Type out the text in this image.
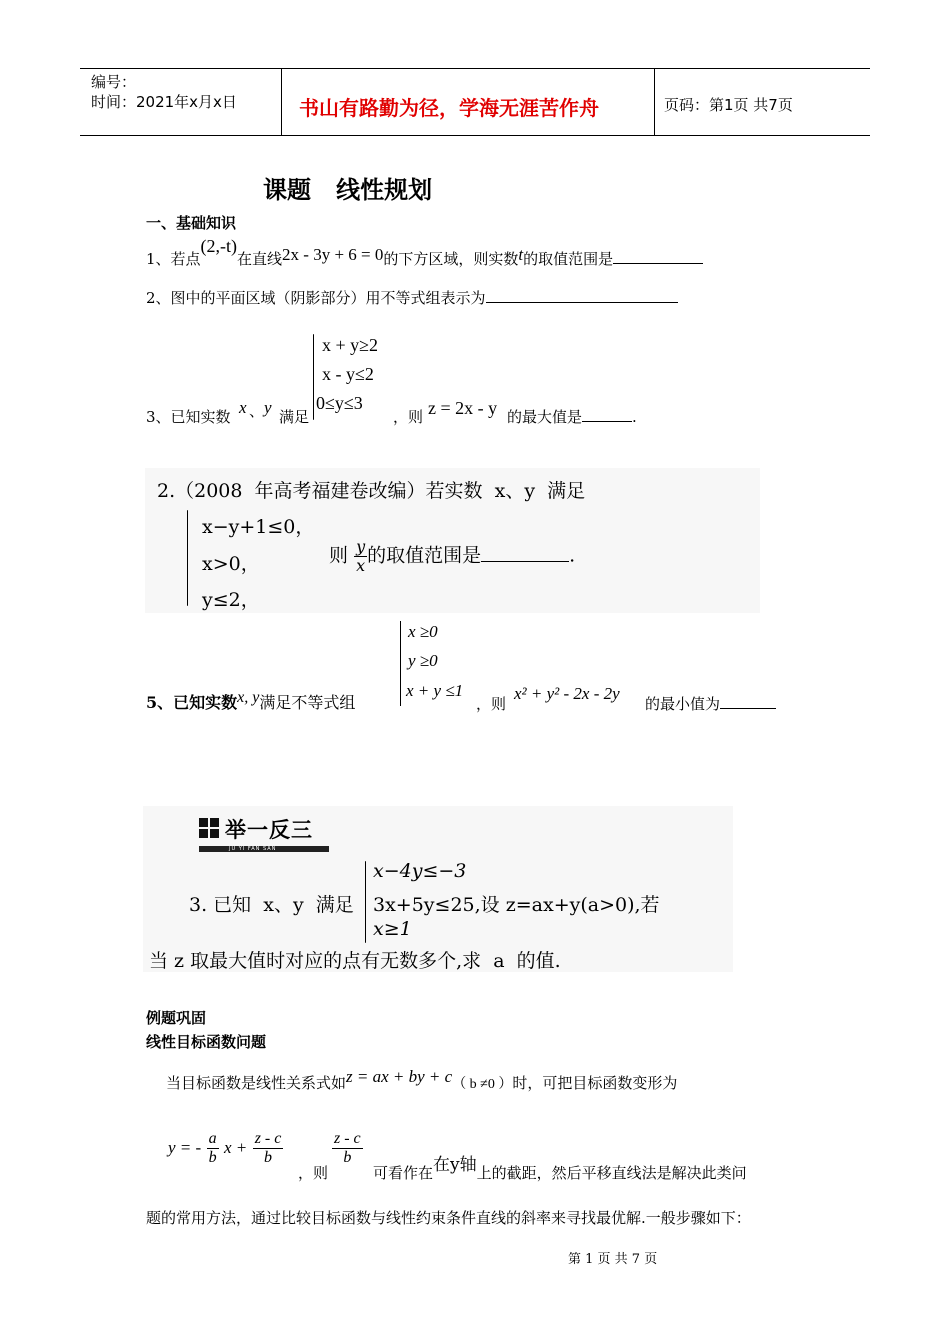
编号：
时间：2021年x月x日	书山有路勤为径，学海无涯苦作舟	页码：第1页 共7页
课题   线性规划
一、基础知识
1、若点(2,-t)在直线2x - 3y + 6 = 0的下方区域，则实数t的取值范围是
2、图中的平面区域（阴影部分）用不等式组表示为
x + y≥2
x - y≤2
0≤y≤3
3、已知实数 x 、 y 满足	，则 z = 2x - y 的最大值是	.
2.（2008  年高考福建卷改编）若实数  x、y  满足
x−y+1≤0，
x>0，
y≤2，
则 $\frac{y}{x}$ 的取值范围是	.
x ≥0
y ≥0
x + y ≤1
5、已知实数x, y满足不等式组	，则
x² + y² - 2x - 2y
的最小值为
举一反三
JU YI FAN SAN
3. 已知  x、y  满足
x−4y≤−3
3x+5y≤25,设 z=ax+y(a>0),若
x≥1
当 z 取最大值时对应的点有无数多个,求  a  的值.
例题巩固
线性目标函数问题
当目标函数是线性关系式如z = ax + by + c（ b ≠0 ）时，可把目标函数变形为
y = - $\frac{a}{b}$ $x + \frac{z - c}{b}$
，则
$\frac{z - c}{b}$
可看作在在y轴上的截距，然后平移直线法是解决此类问
题的常用方法，通过比较目标函数与线性约束条件直线的斜率来寻找最优解.一般步骤如下：
第 1 页 共 7 页
